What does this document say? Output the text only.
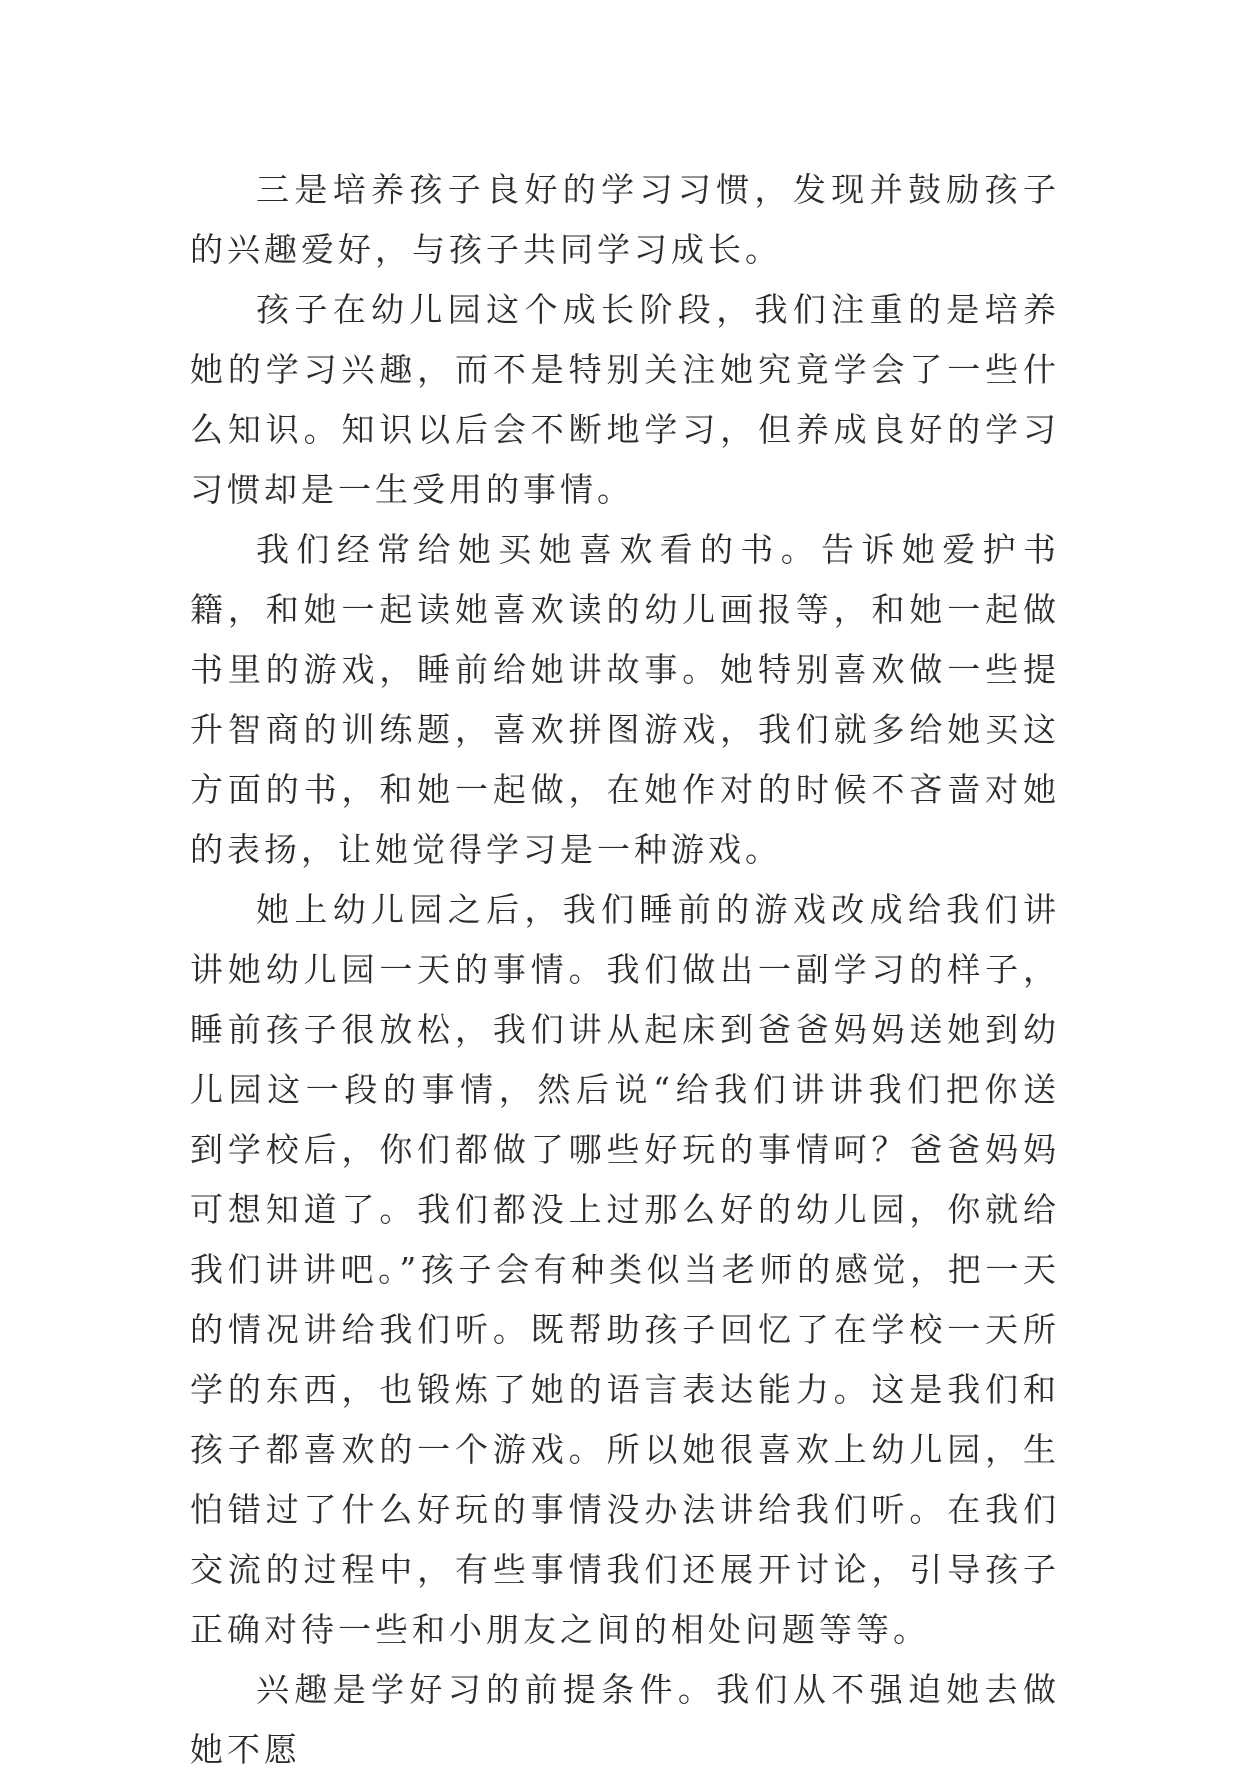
三是培养孩子良好的学习习惯，发现并鼓励孩子的兴趣爱好，与孩子共同学习成长。

孩子在幼儿园这个成长阶段，我们注重的是培养她的学习兴趣，而不是特别关注她究竟学会了一些什么知识。知识以后会不断地学习，但养成良好的学习习惯却是一生受用的事情。

我们经常给她买她喜欢看的书。告诉她爱护书籍，和她一起读她喜欢读的幼儿画报等，和她一起做书里的游戏，睡前给她讲故事。她特别喜欢做一些提升智商的训练题，喜欢拼图游戏，我们就多给她买这方面的书，和她一起做，在她作对的时候不吝啬对她的表扬，让她觉得学习是一种游戏。

她上幼儿园之后，我们睡前的游戏改成给我们讲讲她幼儿园一天的事情。我们做出一副学习的样子，睡前孩子很放松，我们讲从起床到爸爸妈妈送她到幼儿园这一段的事情，然后说“给我们讲讲我们把你送到学校后，你们都做了哪些好玩的事情呵？爸爸妈妈可想知道了。我们都没上过那么好的幼儿园，你就给我们讲讲吧。”孩子会有种类似当老师的感觉，把一天的情况讲给我们听。既帮助孩子回忆了在学校一天所学的东西，也锻炼了她的语言表达能力。这是我们和孩子都喜欢的一个游戏。所以她很喜欢上幼儿园，生怕错过了什么好玩的事情没办法讲给我们听。在我们交流的过程中，有些事情我们还展开讨论，引导孩子正确对待一些和小朋友之间的相处问题等等。

兴趣是学好习的前提条件。我们从不强迫她去做她不愿
